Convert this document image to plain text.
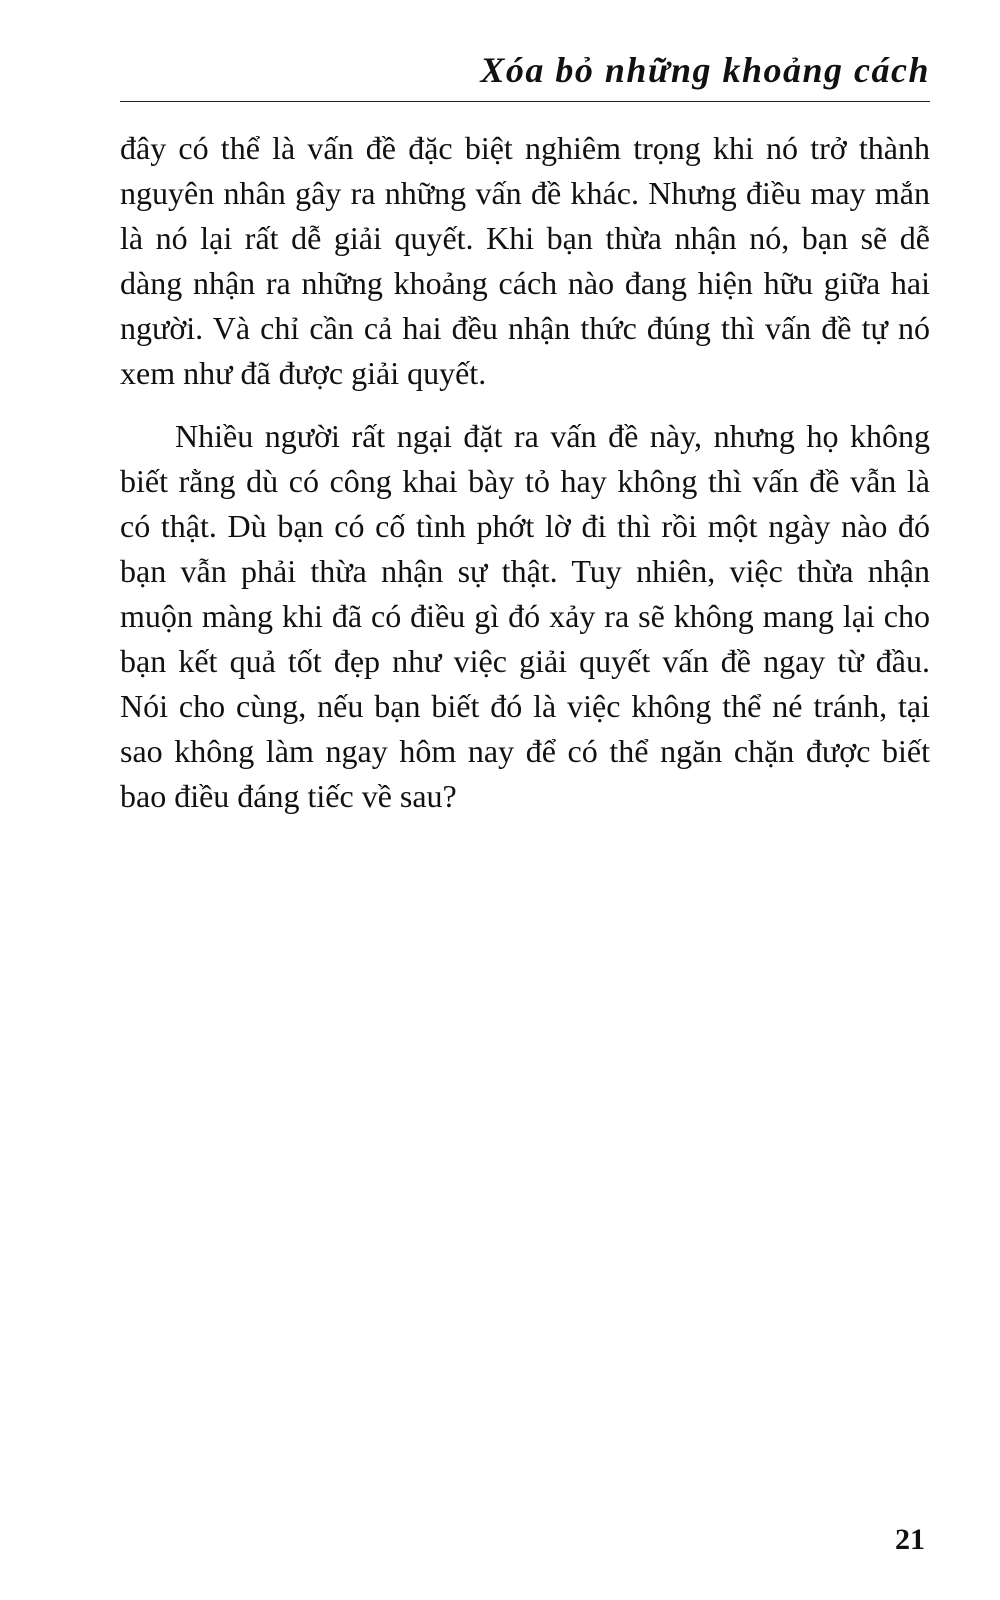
Xóa bỏ những khoảng cách

đây có thể là vấn đề đặc biệt nghiêm trọng khi nó trở thành nguyên nhân gây ra những vấn đề khác. Nhưng điều may mắn là nó lại rất dễ giải quyết. Khi bạn thừa nhận nó, bạn sẽ dễ dàng nhận ra những khoảng cách nào đang hiện hữu giữa hai người. Và chỉ cần cả hai đều nhận thức đúng thì vấn đề tự nó xem như đã được giải quyết.

Nhiều người rất ngại đặt ra vấn đề này, nhưng họ không biết rằng dù có công khai bày tỏ hay không thì vấn đề vẫn là có thật. Dù bạn có cố tình phớt lờ đi thì rồi một ngày nào đó bạn vẫn phải thừa nhận sự thật. Tuy nhiên, việc thừa nhận muộn màng khi đã có điều gì đó xảy ra sẽ không mang lại cho bạn kết quả tốt đẹp như việc giải quyết vấn đề ngay từ đầu. Nói cho cùng, nếu bạn biết đó là việc không thể né tránh, tại sao không làm ngay hôm nay để có thể ngăn chặn được biết bao điều đáng tiếc về sau?

21
